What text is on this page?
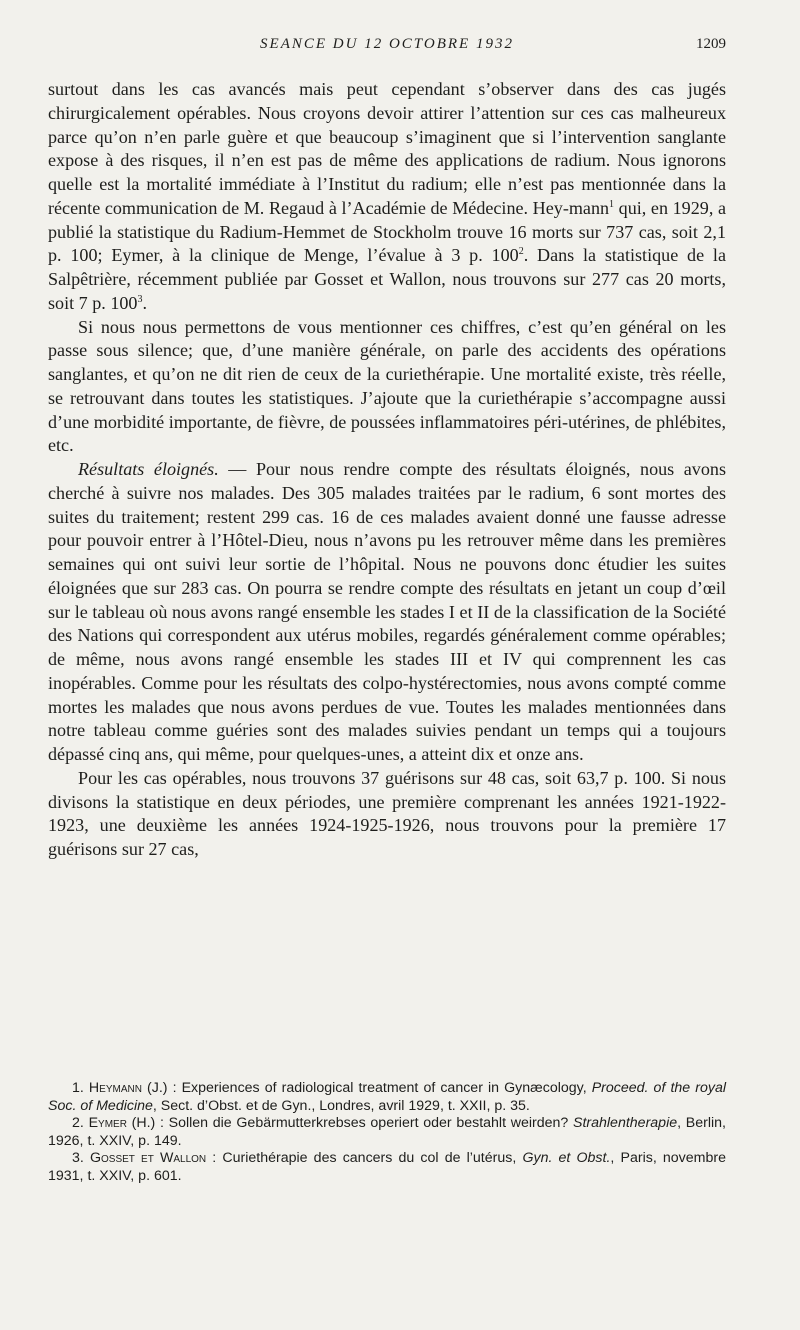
SEANCE DU 12 OCTOBRE 1932	1209

surtout dans les cas avancés mais peut cependant s’observer dans des cas jugés chirurgicalement opérables. Nous croyons devoir attirer l’attention sur ces cas malheureux parce qu’on n’en parle guère et que beaucoup s’imaginent que si l’intervention sanglante expose à des risques, il n’en est pas de même des applications de radium. Nous ignorons quelle est la mortalité immédiate à l’Institut du radium; elle n’est pas mentionnée dans la récente communication de M. Regaud à l’Académie de Médecine. Hey-mann$^1$ qui, en 1929, a publié la statistique du Radium-Hemmet de Stockholm trouve 16 morts sur 737 cas, soit 2,1 p. 100; Eymer, à la clinique de Menge, l’évalue à 3 p. $100^2$. Dans la statistique de la Salpêtrière, récemment publiée par Gosset et Wallon, nous trouvons sur 277 cas 20 morts, soit 7 p. $100^3$.

Si nous nous permettons de vous mentionner ces chiffres, c’est qu’en général on les passe sous silence; que, d’une manière générale, on parle des accidents des opérations sanglantes, et qu’on ne dit rien de ceux de la curiethérapie. Une mortalité existe, très réelle, se retrouvant dans toutes les statistiques. J’ajoute que la curiethérapie s’accompagne aussi d’une morbidité importante, de fièvre, de poussées inflammatoires péri-utérines, de phlébites, etc.

Résultats éloignés. — Pour nous rendre compte des résultats éloignés, nous avons cherché à suivre nos malades. Des 305 malades traitées par le radium, 6 sont mortes des suites du traitement; restent 299 cas. 16 de ces malades avaient donné une fausse adresse pour pouvoir entrer à l’Hôtel-Dieu, nous n’avons pu les retrouver même dans les premières semaines qui ont suivi leur sortie de l’hôpital. Nous ne pouvons donc étudier les suites éloignées que sur 283 cas. On pourra se rendre compte des résultats en jetant un coup d’œil sur le tableau où nous avons rangé ensemble les stades I et II de la classification de la Société des Nations qui correspondent aux utérus mobiles, regardés généralement comme opérables; de même, nous avons rangé ensemble les stades III et IV qui comprennent les cas inopérables. Comme pour les résultats des colpo-hystérectomies, nous avons compté comme mortes les malades que nous avons perdues de vue. Toutes les malades mentionnées dans notre tableau comme guéries sont des malades suivies pendant un temps qui a toujours dépassé cinq ans, qui même, pour quelques-unes, a atteint dix et onze ans.

Pour les cas opérables, nous trouvons 37 guérisons sur 48 cas, soit 63,7 p. 100. Si nous divisons la statistique en deux périodes, une première comprenant les années 1921-1922-1923, une deuxième les années 1924-1925-1926, nous trouvons pour la première 17 guérisons sur 27 cas,

1. Heymann (J.) : Experiences of radiological treatment of cancer in Gynæcology, Proceed. of the royal Soc. of Medicine, Sect. d’Obst. et de Gyn., Londres, avril 1929, t. XXII, p. 35.

2. Eymer (H.) : Sollen die Gebärmutterkrebses operiert oder bestahlt weirden? Strahlentherapie, Berlin, 1926, t. XXIV, p. 149.

3. Gosset et Wallon : Curiethérapie des cancers du col de l’utérus, Gyn. et Obst., Paris, novembre 1931, t. XXIV, p. 601.
